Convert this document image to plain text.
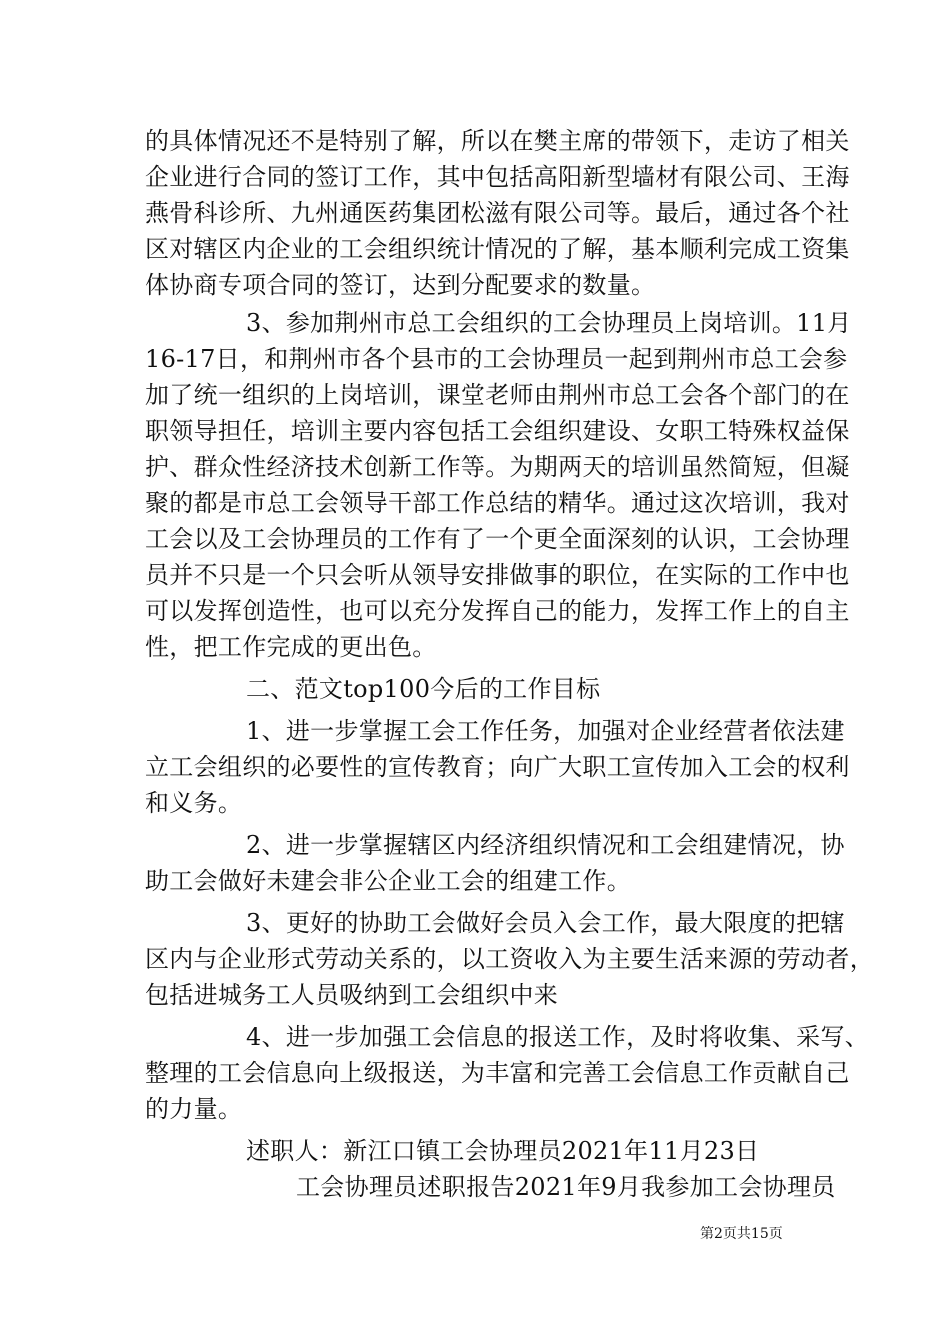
的具体情况还不是特别了解，所以在樊主席的带领下，走访了相关
企业进行合同的签订工作，其中包括高阳新型墙材有限公司、王海
燕骨科诊所、九州通医药集团松滋有限公司等。最后，通过各个社
区对辖区内企业的工会组织统计情况的了解，基本顺利完成工资集
体协商专项合同的签订，达到分配要求的数量。
3、参加荆州市总工会组织的工会协理员上岗培训。11月
16-17日，和荆州市各个县市的工会协理员一起到荆州市总工会参
加了统一组织的上岗培训，课堂老师由荆州市总工会各个部门的在
职领导担任，培训主要内容包括工会组织建设、女职工特殊权益保
护、群众性经济技术创新工作等。为期两天的培训虽然简短，但凝
聚的都是市总工会领导干部工作总结的精华。通过这次培训，我对
工会以及工会协理员的工作有了一个更全面深刻的认识，工会协理
员并不只是一个只会听从领导安排做事的职位，在实际的工作中也
可以发挥创造性，也可以充分发挥自己的能力，发挥工作上的自主
性，把工作完成的更出色。
二、范文top100今后的工作目标
1、进一步掌握工会工作任务，加强对企业经营者依法建
立工会组织的必要性的宣传教育；向广大职工宣传加入工会的权利
和义务。
2、进一步掌握辖区内经济组织情况和工会组建情况，协
助工会做好未建会非公企业工会的组建工作。
3、更好的协助工会做好会员入会工作，最大限度的把辖
区内与企业形式劳动关系的，以工资收入为主要生活来源的劳动者，
包括进城务工人员吸纳到工会组织中来
4、进一步加强工会信息的报送工作，及时将收集、采写、
整理的工会信息向上级报送，为丰富和完善工会信息工作贡献自己
的力量。
述职人：新江口镇工会协理员2021年11月23日
工会协理员述职报告2021年9月我参加工会协理员
第2页共15页
